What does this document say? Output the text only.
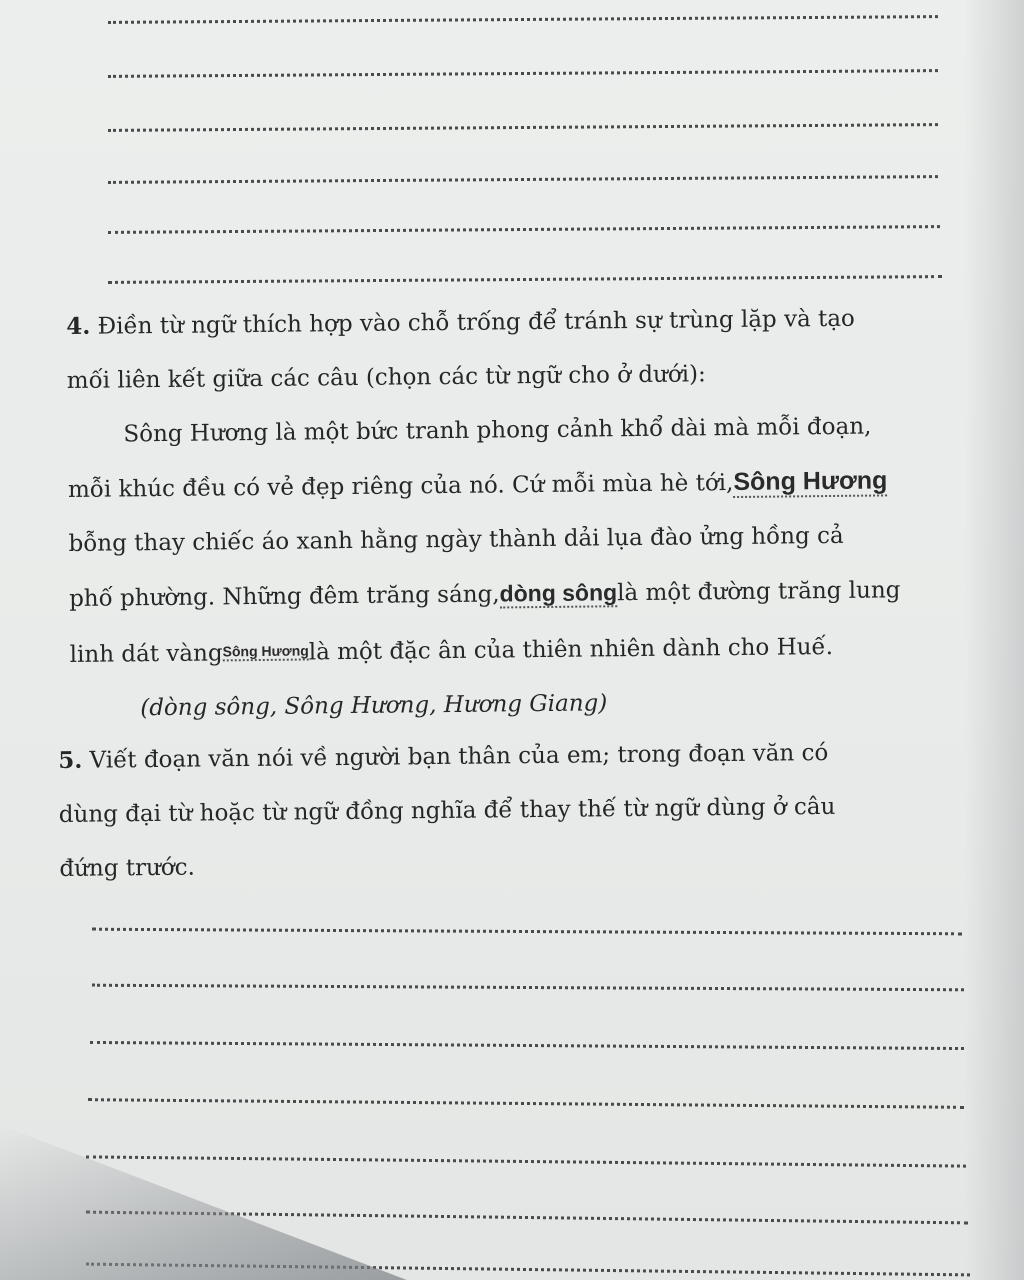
4. Điền từ ngữ thích hợp vào chỗ trống để tránh sự trùng lặp và tạo
mối liên kết giữa các câu (chọn các từ ngữ cho ở dưới):
Sông Hương là một bức tranh phong cảnh khổ dài mà mỗi đoạn,
mỗi khúc đều có vẻ đẹp riêng của nó. Cứ mỗi mùa hè tới,Sông Hương
bỗng thay chiếc áo xanh hằng ngày thành dải lụa đào ửng hồng cả
phố phường. Những đêm trăng sáng,dòng sônglà một đường trăng lung
linh dát vàngSông Hươnglà một đặc ân của thiên nhiên dành cho Huế.
(dòng sông, Sông Hương, Hương Giang)
5. Viết đoạn văn nói về người bạn thân của em; trong đoạn văn có
dùng đại từ hoặc từ ngữ đồng nghĩa để thay thế từ ngữ dùng ở câu
đứng trước.
